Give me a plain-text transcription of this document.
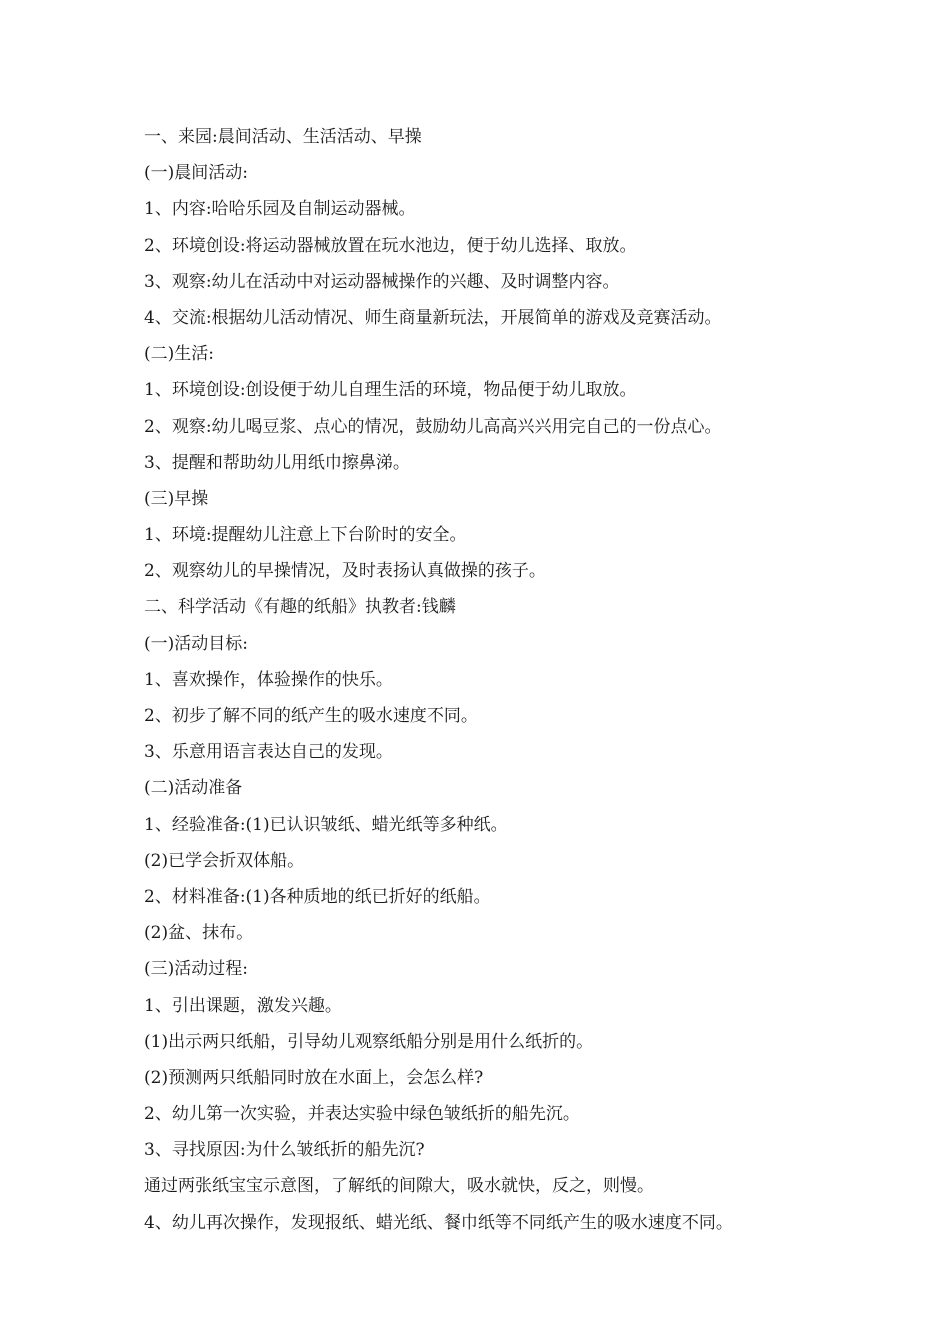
一、来园:晨间活动、生活活动、早操
(一)晨间活动:
1、内容:哈哈乐园及自制运动器械。
2、环境创设:将运动器械放置在玩水池边，便于幼儿选择、取放。
3、观察:幼儿在活动中对运动器械操作的兴趣、及时调整内容。
4、交流:根据幼儿活动情况、师生商量新玩法，开展简单的游戏及竞赛活动。
(二)生活:
1、环境创设:创设便于幼儿自理生活的环境，物品便于幼儿取放。
2、观察:幼儿喝豆浆、点心的情况，鼓励幼儿高高兴兴用完自己的一份点心。
3、提醒和帮助幼儿用纸巾擦鼻涕。
(三)早操
1、环境:提醒幼儿注意上下台阶时的安全。
2、观察幼儿的早操情况，及时表扬认真做操的孩子。
二、科学活动《有趣的纸船》执教者:钱麟
(一)活动目标:
1、喜欢操作，体验操作的快乐。
2、初步了解不同的纸产生的吸水速度不同。
3、乐意用语言表达自己的发现。
(二)活动准备
1、经验准备:(1)已认识皱纸、蜡光纸等多种纸。
(2)已学会折双体船。
2、材料准备:(1)各种质地的纸已折好的纸船。
(2)盆、抹布。
(三)活动过程:
1、引出课题，激发兴趣。
(1)出示两只纸船，引导幼儿观察纸船分别是用什么纸折的。
(2)预测两只纸船同时放在水面上，会怎么样?
2、幼儿第一次实验，并表达实验中绿色皱纸折的船先沉。
3、寻找原因:为什么皱纸折的船先沉?
通过两张纸宝宝示意图，了解纸的间隙大，吸水就快，反之，则慢。
4、幼儿再次操作，发现报纸、蜡光纸、餐巾纸等不同纸产生的吸水速度不同。
